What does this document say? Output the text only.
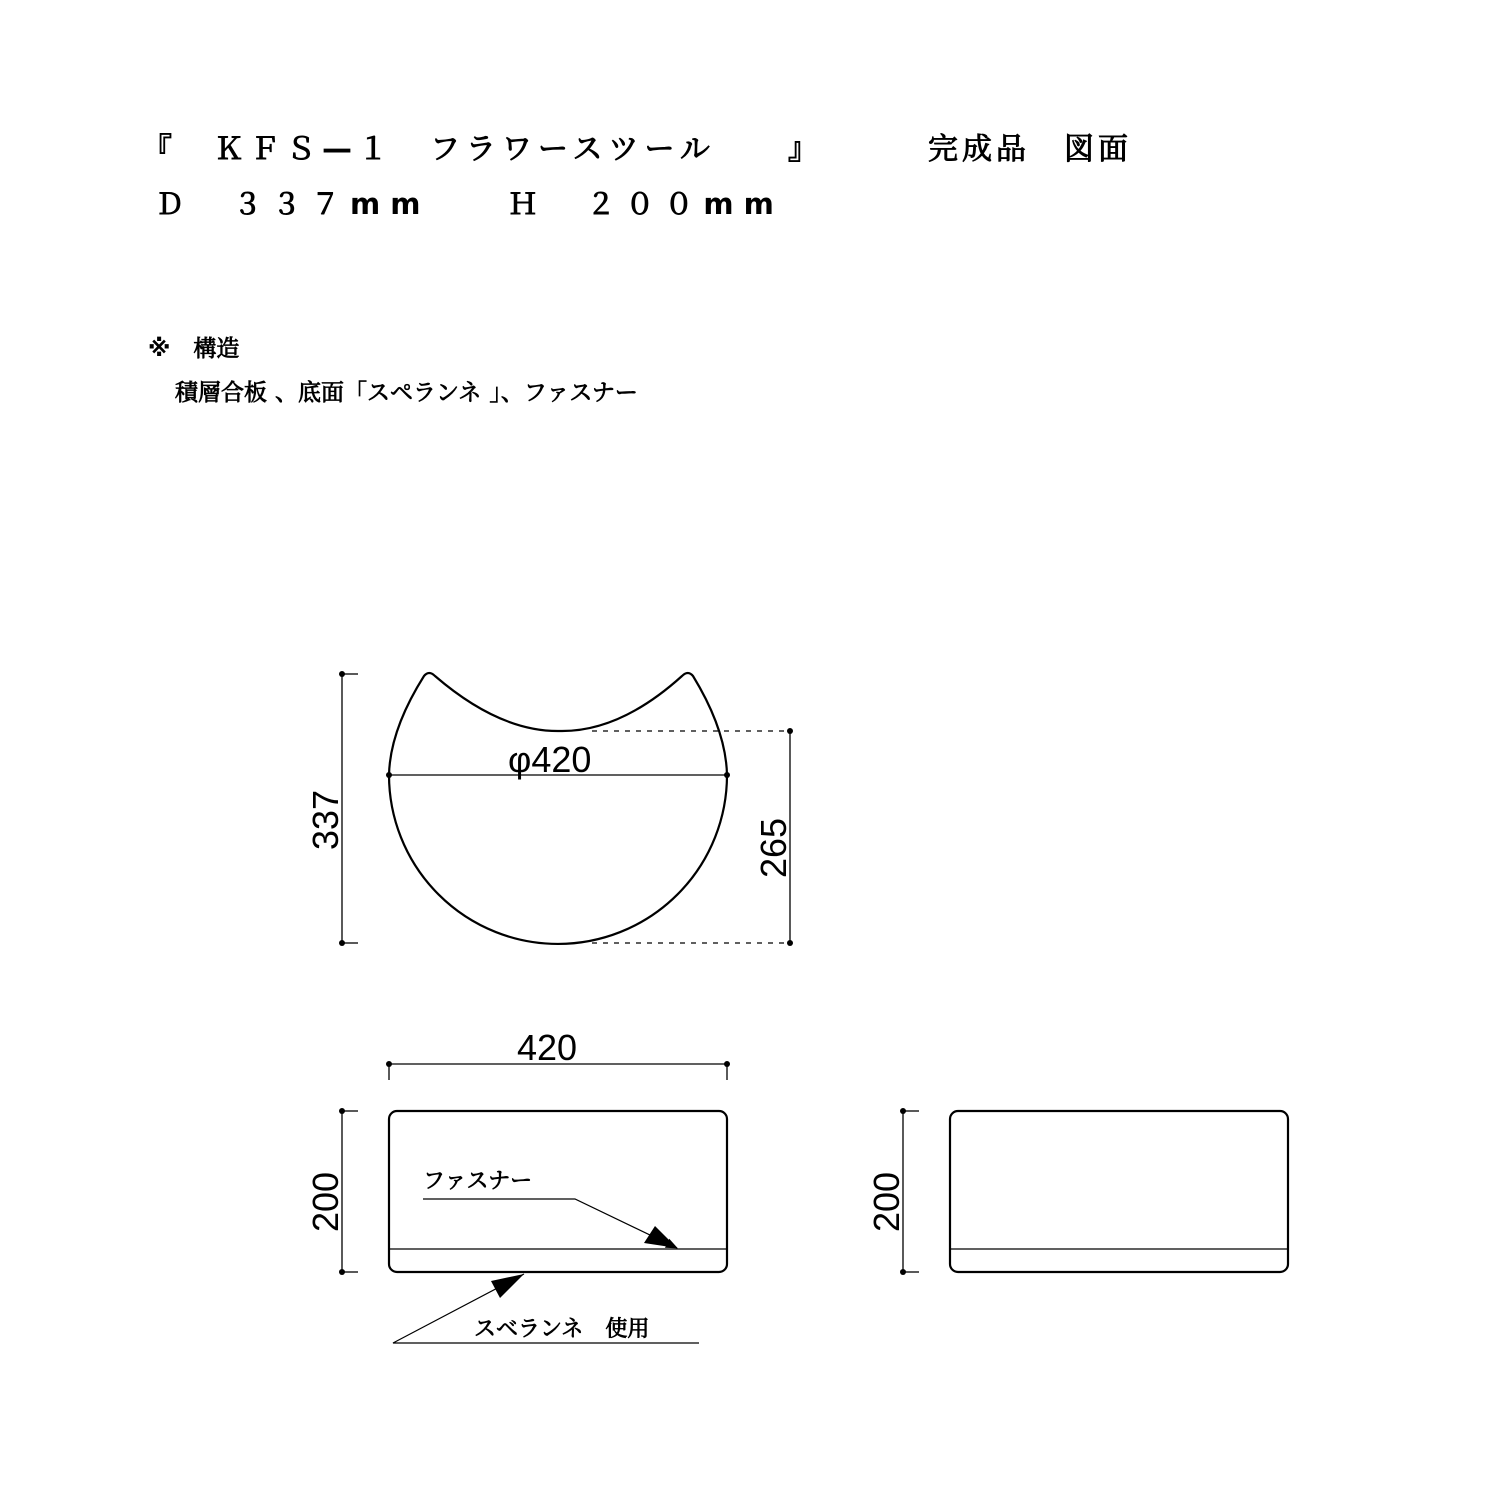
『　ＫＦＳ—１　フラワースツール　　』	完成品　図面
Ｄ　３３７mm　　Ｈ　２００mm
※　構造
積層合板 、底面「スペランネ 」、ファスナー
φ420
337	265
420
200	ファスナー
スベランネ　使用
200
